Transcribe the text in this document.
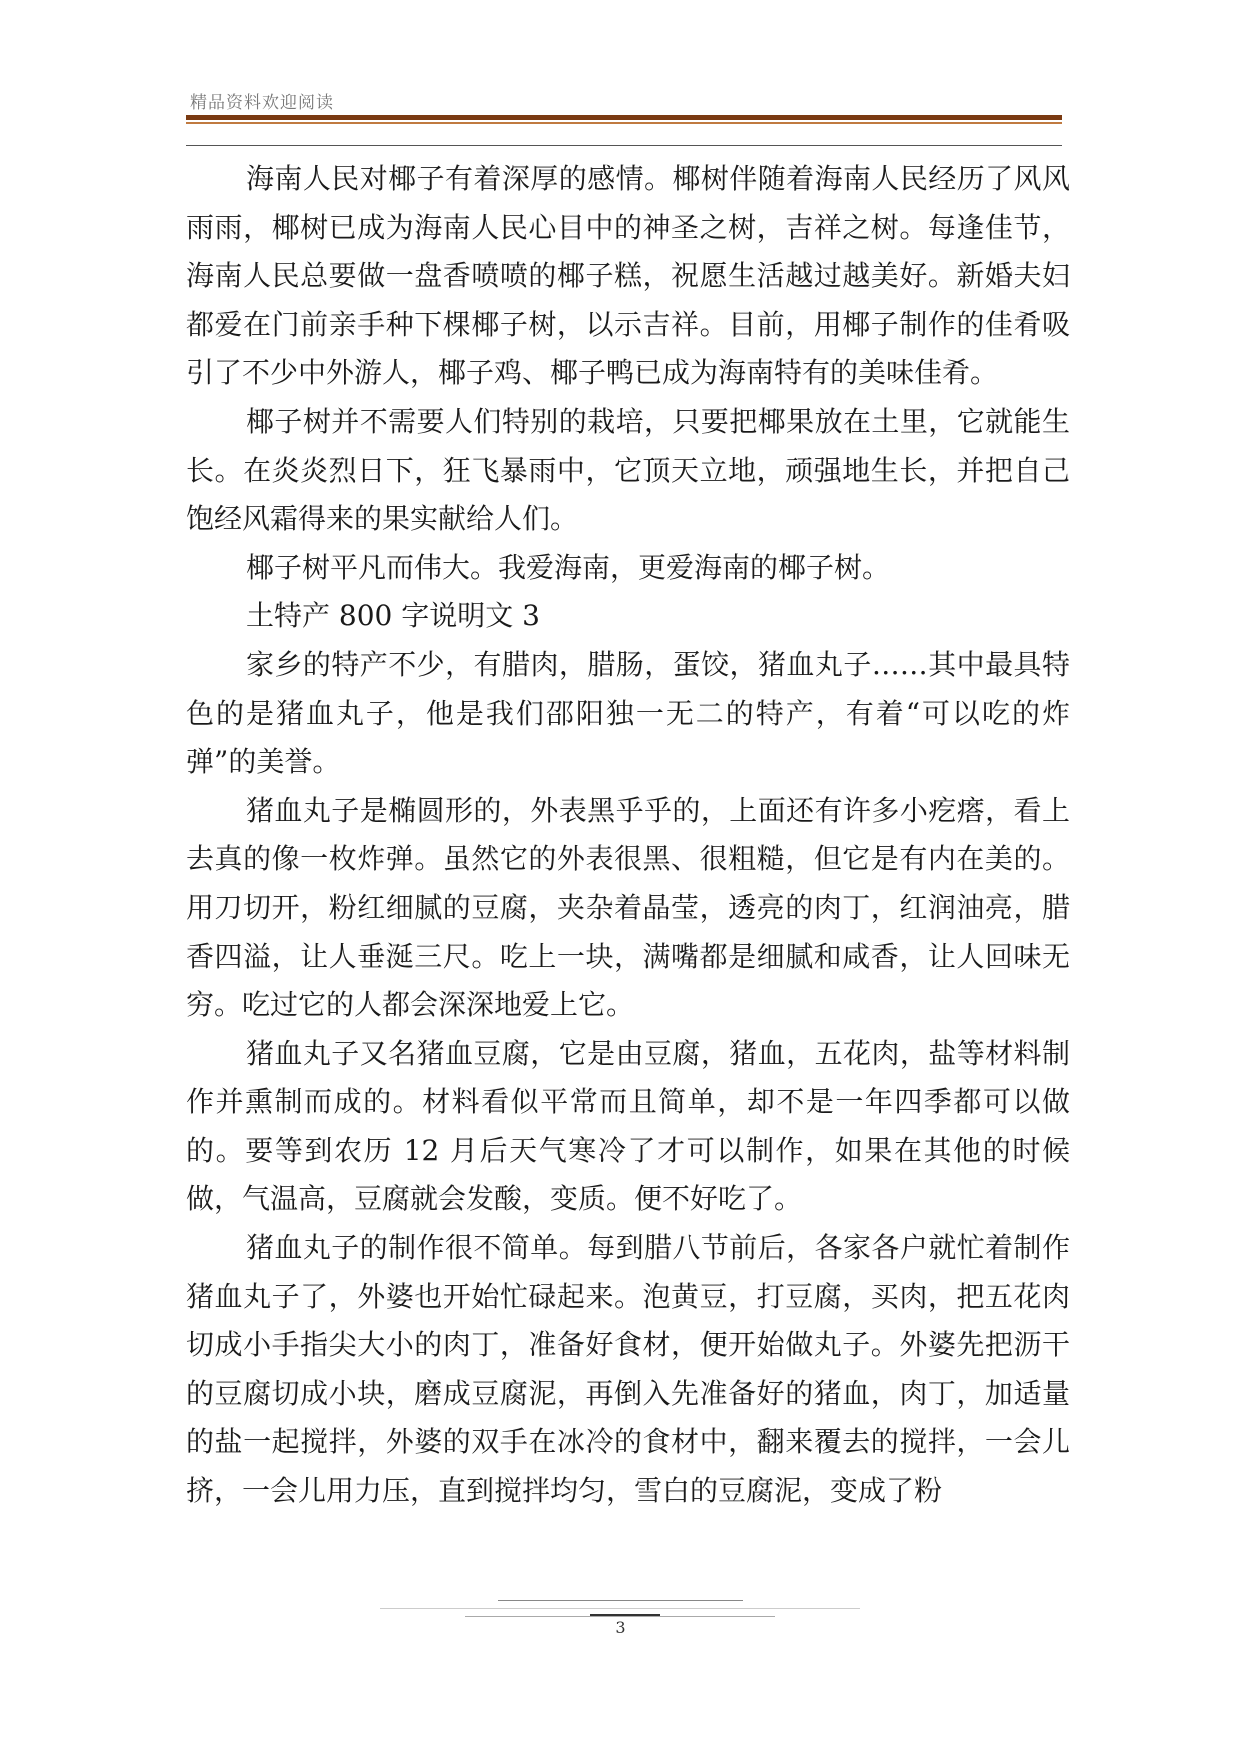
精品资料欢迎阅读

海南人民对椰子有着深厚的感情。椰树伴随着海南人民经历了风风雨雨，椰树已成为海南人民心目中的神圣之树，吉祥之树。每逢佳节，海南人民总要做一盘香喷喷的椰子糕，祝愿生活越过越美好。新婚夫妇都爱在门前亲手种下棵椰子树，以示吉祥。目前，用椰子制作的佳肴吸引了不少中外游人，椰子鸡、椰子鸭已成为海南特有的美味佳肴。

椰子树并不需要人们特别的栽培，只要把椰果放在土里，它就能生长。在炎炎烈日下，狂飞暴雨中，它顶天立地，顽强地生长，并把自己饱经风霜得来的果实献给人们。

椰子树平凡而伟大。我爱海南，更爱海南的椰子树。

土特产 800 字说明文 3

家乡的特产不少，有腊肉，腊肠，蛋饺，猪血丸子……其中最具特色的是猪血丸子，他是我们邵阳独一无二的特产，有着“可以吃的炸弹”的美誉。

猪血丸子是椭圆形的，外表黑乎乎的，上面还有许多小疙瘩，看上去真的像一枚炸弹。虽然它的外表很黑、很粗糙，但它是有内在美的。用刀切开，粉红细腻的豆腐，夹杂着晶莹，透亮的肉丁，红润油亮，腊香四溢，让人垂涎三尺。吃上一块，满嘴都是细腻和咸香，让人回味无穷。吃过它的人都会深深地爱上它。

猪血丸子又名猪血豆腐，它是由豆腐，猪血，五花肉，盐等材料制作并熏制而成的。材料看似平常而且简单，却不是一年四季都可以做的。要等到农历 12 月后天气寒冷了才可以制作，如果在其他的时候做，气温高，豆腐就会发酸，变质。便不好吃了。

猪血丸子的制作很不简单。每到腊八节前后，各家各户就忙着制作猪血丸子了，外婆也开始忙碌起来。泡黄豆，打豆腐，买肉，把五花肉切成小手指尖大小的肉丁，准备好食材，便开始做丸子。外婆先把沥干的豆腐切成小块，磨成豆腐泥，再倒入先准备好的猪血，肉丁，加适量的盐一起搅拌，外婆的双手在冰冷的食材中，翻来覆去的搅拌，一会儿挤，一会儿用力压，直到搅拌均匀，雪白的豆腐泥，变成了粉

3
